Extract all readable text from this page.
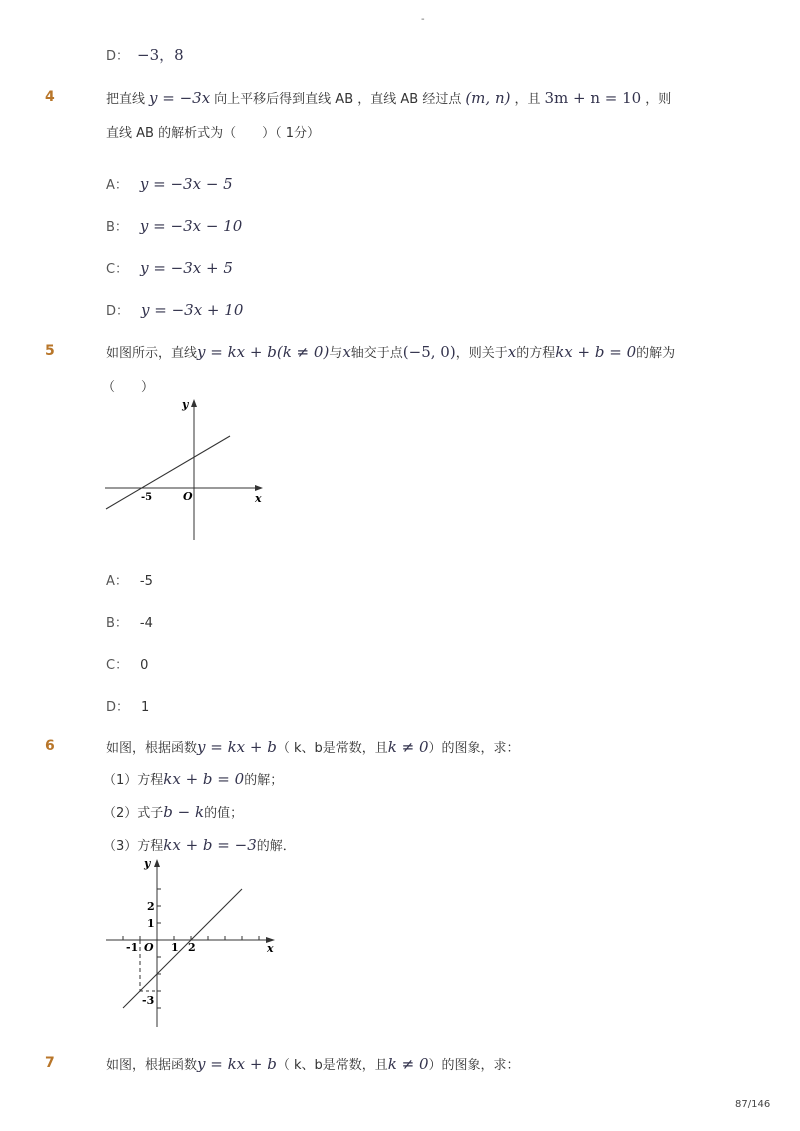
-
D： −3，8
4	把直线 y = −3x 向上平移后得到直线 AB ，直线 AB 经过点 (m, n) ，且 3m + n = 10 ，则
直线 AB 的解析式为（　　）（ 1分）
A： y = −3x − 5
B： y = −3x − 10
C： y = −3x + 5
D： y = −3x + 10
5	如图所示，直线 y = kx + b(k ≠ 0) 与 x 轴交于点 (−5, 0) ，则关于 x 的方程 kx + b = 0 的解为
（　　）
y
x
O
-5
A： -5
B： -4
C： 0
D： 1
6	如图，根据函数 y = kx + b （ k、b是常数，且 k ≠ 0 ）的图象，求：
（1）方程 kx + b = 0 的解；
（2）式子 b − k 的值；
（3）方程 kx + b = −3 的解．
y
x
O
2
1
-1	1 2
-3
7	如图，根据函数 y = kx + b （ k、b是常数，且 k ≠ 0 ）的图象，求：
87/146
